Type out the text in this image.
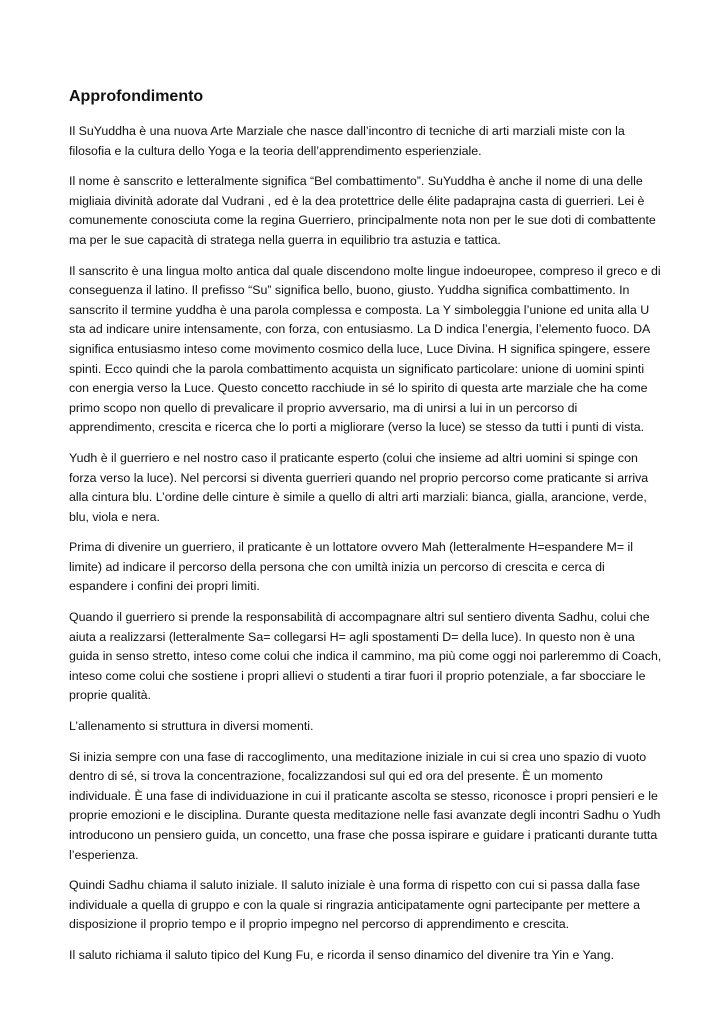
Approfondimento

Il SuYuddha è una nuova Arte Marziale che nasce dall’incontro di tecniche di arti marziali miste con la filosofia e la cultura dello Yoga e la teoria dell’apprendimento esperienziale.

Il nome è sanscrito e letteralmente significa “Bel combattimento”. SuYuddha è anche il nome di una delle migliaia divinità adorate dal Vudrani , ed è la dea protettrice delle élite padaprajna casta di guerrieri. Lei è comunemente conosciuta come la regina Guerriero, principalmente nota non per le sue doti di combattente ma per le sue capacità di stratega nella guerra in equilibrio tra astuzia e tattica.

Il sanscrito è una lingua molto antica dal quale discendono molte lingue indoeuropee, compreso il greco e di conseguenza il latino. Il prefisso “Su” significa bello, buono, giusto. Yuddha significa combattimento. In sanscrito il termine yuddha è una parola complessa e composta. La Y simboleggia l’unione ed unita alla U sta ad indicare unire intensamente, con forza, con entusiasmo. La D indica l’energia, l’elemento fuoco. DA significa entusiasmo inteso come movimento cosmico della luce, Luce Divina. H significa spingere, essere spinti. Ecco quindi che la parola combattimento acquista un significato particolare: unione di uomini spinti con energia verso la Luce. Questo concetto racchiude in sé lo spirito di questa arte marziale che ha come primo scopo non quello di prevalicare il proprio avversario, ma di unirsi a lui in un percorso di apprendimento, crescita e ricerca che lo porti a migliorare (verso la luce) se stesso da tutti i punti di vista.

Yudh è il guerriero e nel nostro caso il praticante esperto (colui che insieme ad altri uomini si spinge con forza verso la luce). Nel percorsi si diventa guerrieri quando nel proprio percorso come praticante si arriva alla cintura blu. L’ordine delle cinture è simile a quello di altri arti marziali: bianca, gialla, arancione, verde, blu, viola e nera.

Prima di divenire un guerriero, il praticante è un lottatore ovvero Mah (letteralmente H=espandere M= il limite) ad indicare il percorso della persona che con umiltà inizia un percorso di crescita e cerca di espandere i confini dei propri limiti.

Quando il guerriero si prende la responsabilità di accompagnare altri sul sentiero diventa Sadhu, colui che aiuta a realizzarsi (letteralmente Sa= collegarsi H= agli spostamenti D= della luce). In questo non è una guida in senso stretto, inteso come colui che indica il cammino, ma più come oggi noi parleremmo di Coach, inteso come colui che sostiene i propri allievi o studenti a tirar fuori il proprio potenziale, a far sbocciare le proprie qualità.

L’allenamento si struttura in diversi momenti.

Si inizia sempre con una fase di raccoglimento, una meditazione iniziale in cui si crea uno spazio di vuoto dentro di sé, si trova la concentrazione, focalizzandosi sul qui ed ora del presente. È un momento individuale. È una fase di individuazione in cui il praticante ascolta se stesso, riconosce i propri pensieri e le proprie emozioni e le disciplina. Durante questa meditazione nelle fasi avanzate degli incontri Sadhu o Yudh introducono un pensiero guida, un concetto, una frase che possa ispirare e guidare i praticanti durante tutta l’esperienza.

Quindi Sadhu chiama il saluto iniziale. Il saluto iniziale è una forma di rispetto con cui si passa dalla fase individuale a quella di gruppo e con la quale si ringrazia anticipatamente ogni partecipante per mettere a disposizione il proprio tempo e il proprio impegno nel percorso di apprendimento e crescita.

Il saluto richiama il saluto tipico del Kung Fu, e ricorda il senso dinamico del divenire tra Yin e Yang.
